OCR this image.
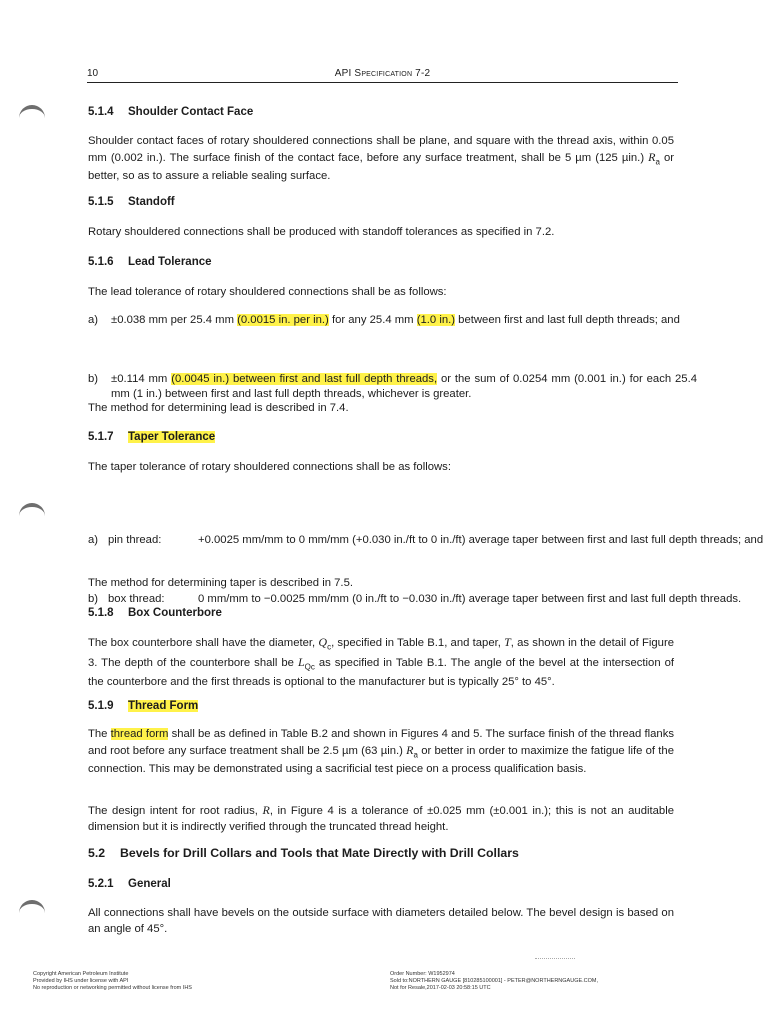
10	API Specification 7-2
5.1.4 Shoulder Contact Face
Shoulder contact faces of rotary shouldered connections shall be plane, and square with the thread axis, within 0.05 mm (0.002 in.). The surface finish of the contact face, before any surface treatment, shall be 5 µm (125 µin.) $R_a$ or better, so as to assure a reliable sealing surface.
5.1.5 Standoff
Rotary shouldered connections shall be produced with standoff tolerances as specified in 7.2.
5.1.6 Lead Tolerance
The lead tolerance of rotary shouldered connections shall be as follows:
a) ±0.038 mm per 25.4 mm (0.0015 in. per in.) for any 25.4 mm (1.0 in.) between first and last full depth threads; and
b) ±0.114 mm (0.0045 in.) between first and last full depth threads, or the sum of 0.0254 mm (0.001 in.) for each 25.4 mm (1 in.) between first and last full depth threads, whichever is greater.
The method for determining lead is described in 7.4.
5.1.7 Taper Tolerance
The taper tolerance of rotary shouldered connections shall be as follows:
a) pin thread:	+0.0025 mm/mm to 0 mm/mm (+0.030 in./ft to 0 in./ft) average taper between first and last full depth threads; and
b) box thread:	0 mm/mm to −0.0025 mm/mm (0 in./ft to −0.030 in./ft) average taper between first and last full depth threads.
The method for determining taper is described in 7.5.
5.1.8 Box Counterbore
The box counterbore shall have the diameter, $Q_c$, specified in Table B.1, and taper, T, as shown in the detail of Figure 3. The depth of the counterbore shall be $L_{Qc}$ as specified in Table B.1. The angle of the bevel at the intersection of the counterbore and the first threads is optional to the manufacturer but is typically 25° to 45°.
5.1.9 Thread Form
The thread form shall be as defined in Table B.2 and shown in Figures 4 and 5. The surface finish of the thread flanks and root before any surface treatment shall be 2.5 µm (63 µin.) $R_a$ or better in order to maximize the fatigue life of the connection. This may be demonstrated using a sacrificial test piece on a process qualification basis.
The design intent for root radius, R, in Figure 4 is a tolerance of ±0.025 mm (±0.001 in.); this is not an auditable dimension but it is indirectly verified through the truncated thread height.
5.2 Bevels for Drill Collars and Tools that Mate Directly with Drill Collars
5.2.1 General
All connections shall have bevels on the outside surface with diameters detailed below. The bevel design is based on an angle of 45°.
Copyright American Petroleum Institute
Provided by IHS under license with API
No reproduction or networking permitted without license from IHS
Order Number: W1952974
Sold to:NORTHERN GAUGE [810285100001] - PETER@NORTHERNGAUGE.COM,
Not for Resale,2017-02-03 20:58:15 UTC
